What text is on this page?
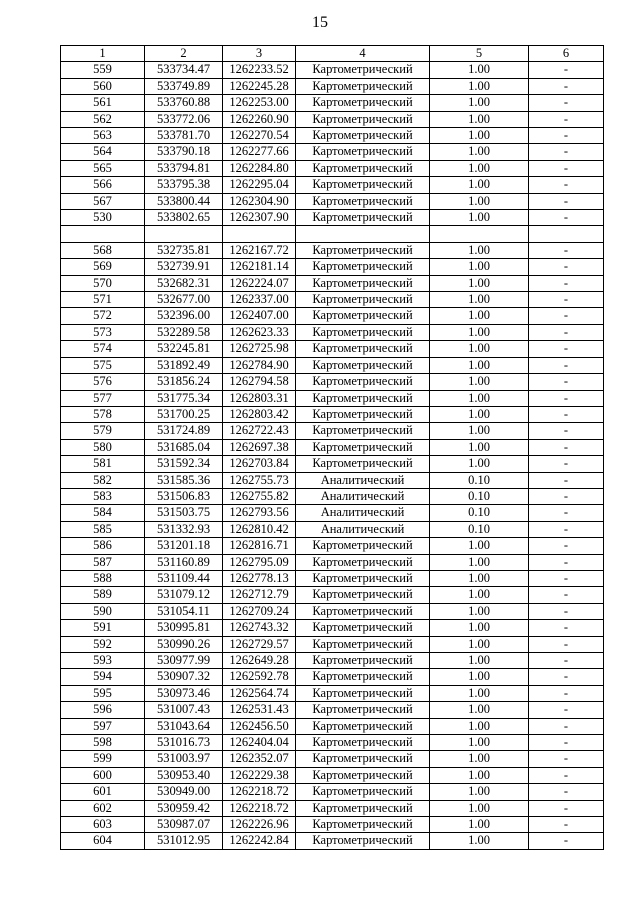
15
1	2	3	4	5	6
559	533734.47	1262233.52	Картометрический	1.00	-
560	533749.89	1262245.28	Картометрический	1.00	-
561	533760.88	1262253.00	Картометрический	1.00	-
562	533772.06	1262260.90	Картометрический	1.00	-
563	533781.70	1262270.54	Картометрический	1.00	-
564	533790.18	1262277.66	Картометрический	1.00	-
565	533794.81	1262284.80	Картометрический	1.00	-
566	533795.38	1262295.04	Картометрический	1.00	-
567	533800.44	1262304.90	Картометрический	1.00	-
530	533802.65	1262307.90	Картометрический	1.00	-

568	532735.81	1262167.72	Картометрический	1.00	-
569	532739.91	1262181.14	Картометрический	1.00	-
570	532682.31	1262224.07	Картометрический	1.00	-
571	532677.00	1262337.00	Картометрический	1.00	-
572	532396.00	1262407.00	Картометрический	1.00	-
573	532289.58	1262623.33	Картометрический	1.00	-
574	532245.81	1262725.98	Картометрический	1.00	-
575	531892.49	1262784.90	Картометрический	1.00	-
576	531856.24	1262794.58	Картометрический	1.00	-
577	531775.34	1262803.31	Картометрический	1.00	-
578	531700.25	1262803.42	Картометрический	1.00	-
579	531724.89	1262722.43	Картометрический	1.00	-
580	531685.04	1262697.38	Картометрический	1.00	-
581	531592.34	1262703.84	Картометрический	1.00	-
582	531585.36	1262755.73	Аналитический	0.10	-
583	531506.83	1262755.82	Аналитический	0.10	-
584	531503.75	1262793.56	Аналитический	0.10	-
585	531332.93	1262810.42	Аналитический	0.10	-
586	531201.18	1262816.71	Картометрический	1.00	-
587	531160.89	1262795.09	Картометрический	1.00	-
588	531109.44	1262778.13	Картометрический	1.00	-
589	531079.12	1262712.79	Картометрический	1.00	-
590	531054.11	1262709.24	Картометрический	1.00	-
591	530995.81	1262743.32	Картометрический	1.00	-
592	530990.26	1262729.57	Картометрический	1.00	-
593	530977.99	1262649.28	Картометрический	1.00	-
594	530907.32	1262592.78	Картометрический	1.00	-
595	530973.46	1262564.74	Картометрический	1.00	-
596	531007.43	1262531.43	Картометрический	1.00	-
597	531043.64	1262456.50	Картометрический	1.00	-
598	531016.73	1262404.04	Картометрический	1.00	-
599	531003.97	1262352.07	Картометрический	1.00	-
600	530953.40	1262229.38	Картометрический	1.00	-
601	530949.00	1262218.72	Картометрический	1.00	-
602	530959.42	1262218.72	Картометрический	1.00	-
603	530987.07	1262226.96	Картометрический	1.00	-
604	531012.95	1262242.84	Картометрический	1.00	-
